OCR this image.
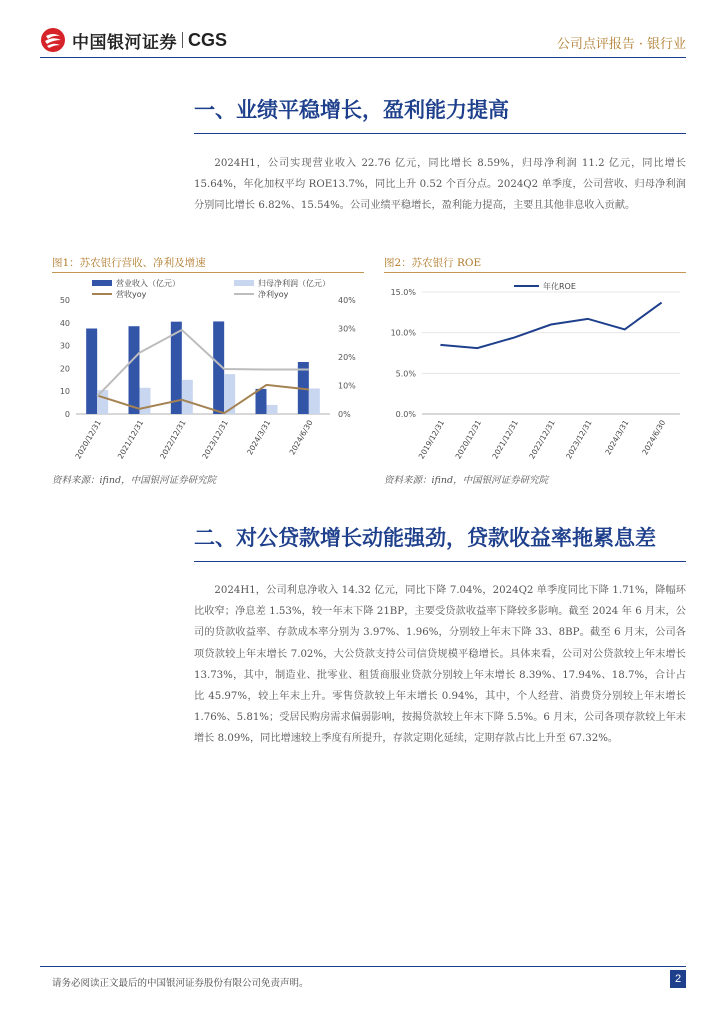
中国银河证券 CGS	公司点评报告 · 银行业
一、业绩平稳增长，盈利能力提高

2024H1，公司实现营业收入 22.76 亿元，同比增长 8.59%，归母净利润 11.2 亿元，同比增长 15.64%，年化加权平均 ROE13.7%，同比上升 0.52 个百分点。2024Q2 单季度，公司营收、归母净利润分别同比增长 6.82%、15.54%。公司业绩平稳增长，盈利能力提高，主要且其他非息收入贡献。

图1：苏农银行营收、净利及增速
0
10
20
30
40
50
0%
10%
20%
30%
40%
2020/12/31 2021/12/31 2022/12/31 2023/12/31 2024/3/31 2024/6/30
营业收入（亿元）	归母净利润（亿元）
营收yoy	净利yoy
资料来源：ifind，中国银河证券研究院
图2：苏农银行 ROE
0.0%
5.0%
10.0%
15.0%
2019/12/31 2020/12/31 2021/12/31 2022/12/31 2023/12/31 2024/3/31 2024/6/30
年化ROE
资料来源：ifind，中国银河证券研究院
二、对公贷款增长动能强劲，贷款收益率拖累息差

2024H1，公司利息净收入 14.32 亿元，同比下降 7.04%，2024Q2 单季度同比下降 1.71%，降幅环比收窄；净息差 1.53%，较一年末下降 21BP，主要受贷款收益率下降较多影响。截至 2024 年 6 月末，公司的贷款收益率、存款成本率分别为 3.97%、1.96%，分别较上年末下降 33、8BP。截至 6 月末，公司各项贷款较上年末增长 7.02%，大公贷款支持公司信贷规模平稳增长。具体来看，公司对公贷款较上年末增长 13.73%，其中，制造业、批零业、租赁商服业贷款分别较上年末增长 8.39%、17.94%、18.7%，合计占比 45.97%，较上年末上升。零售贷款较上年末增长 0.94%，其中，个人经营、消费贷分别较上年末增长 1.76%、5.81%；受居民购房需求偏弱影响，按揭贷款较上年末下降 5.5%。6 月末，公司各项存款较上年末增长 8.09%，同比增速较上季度有所提升，存款定期化延续，定期存款占比上升至 67.32%。

请务必阅读正文最后的中国银河证券股份有限公司免责声明。	2
